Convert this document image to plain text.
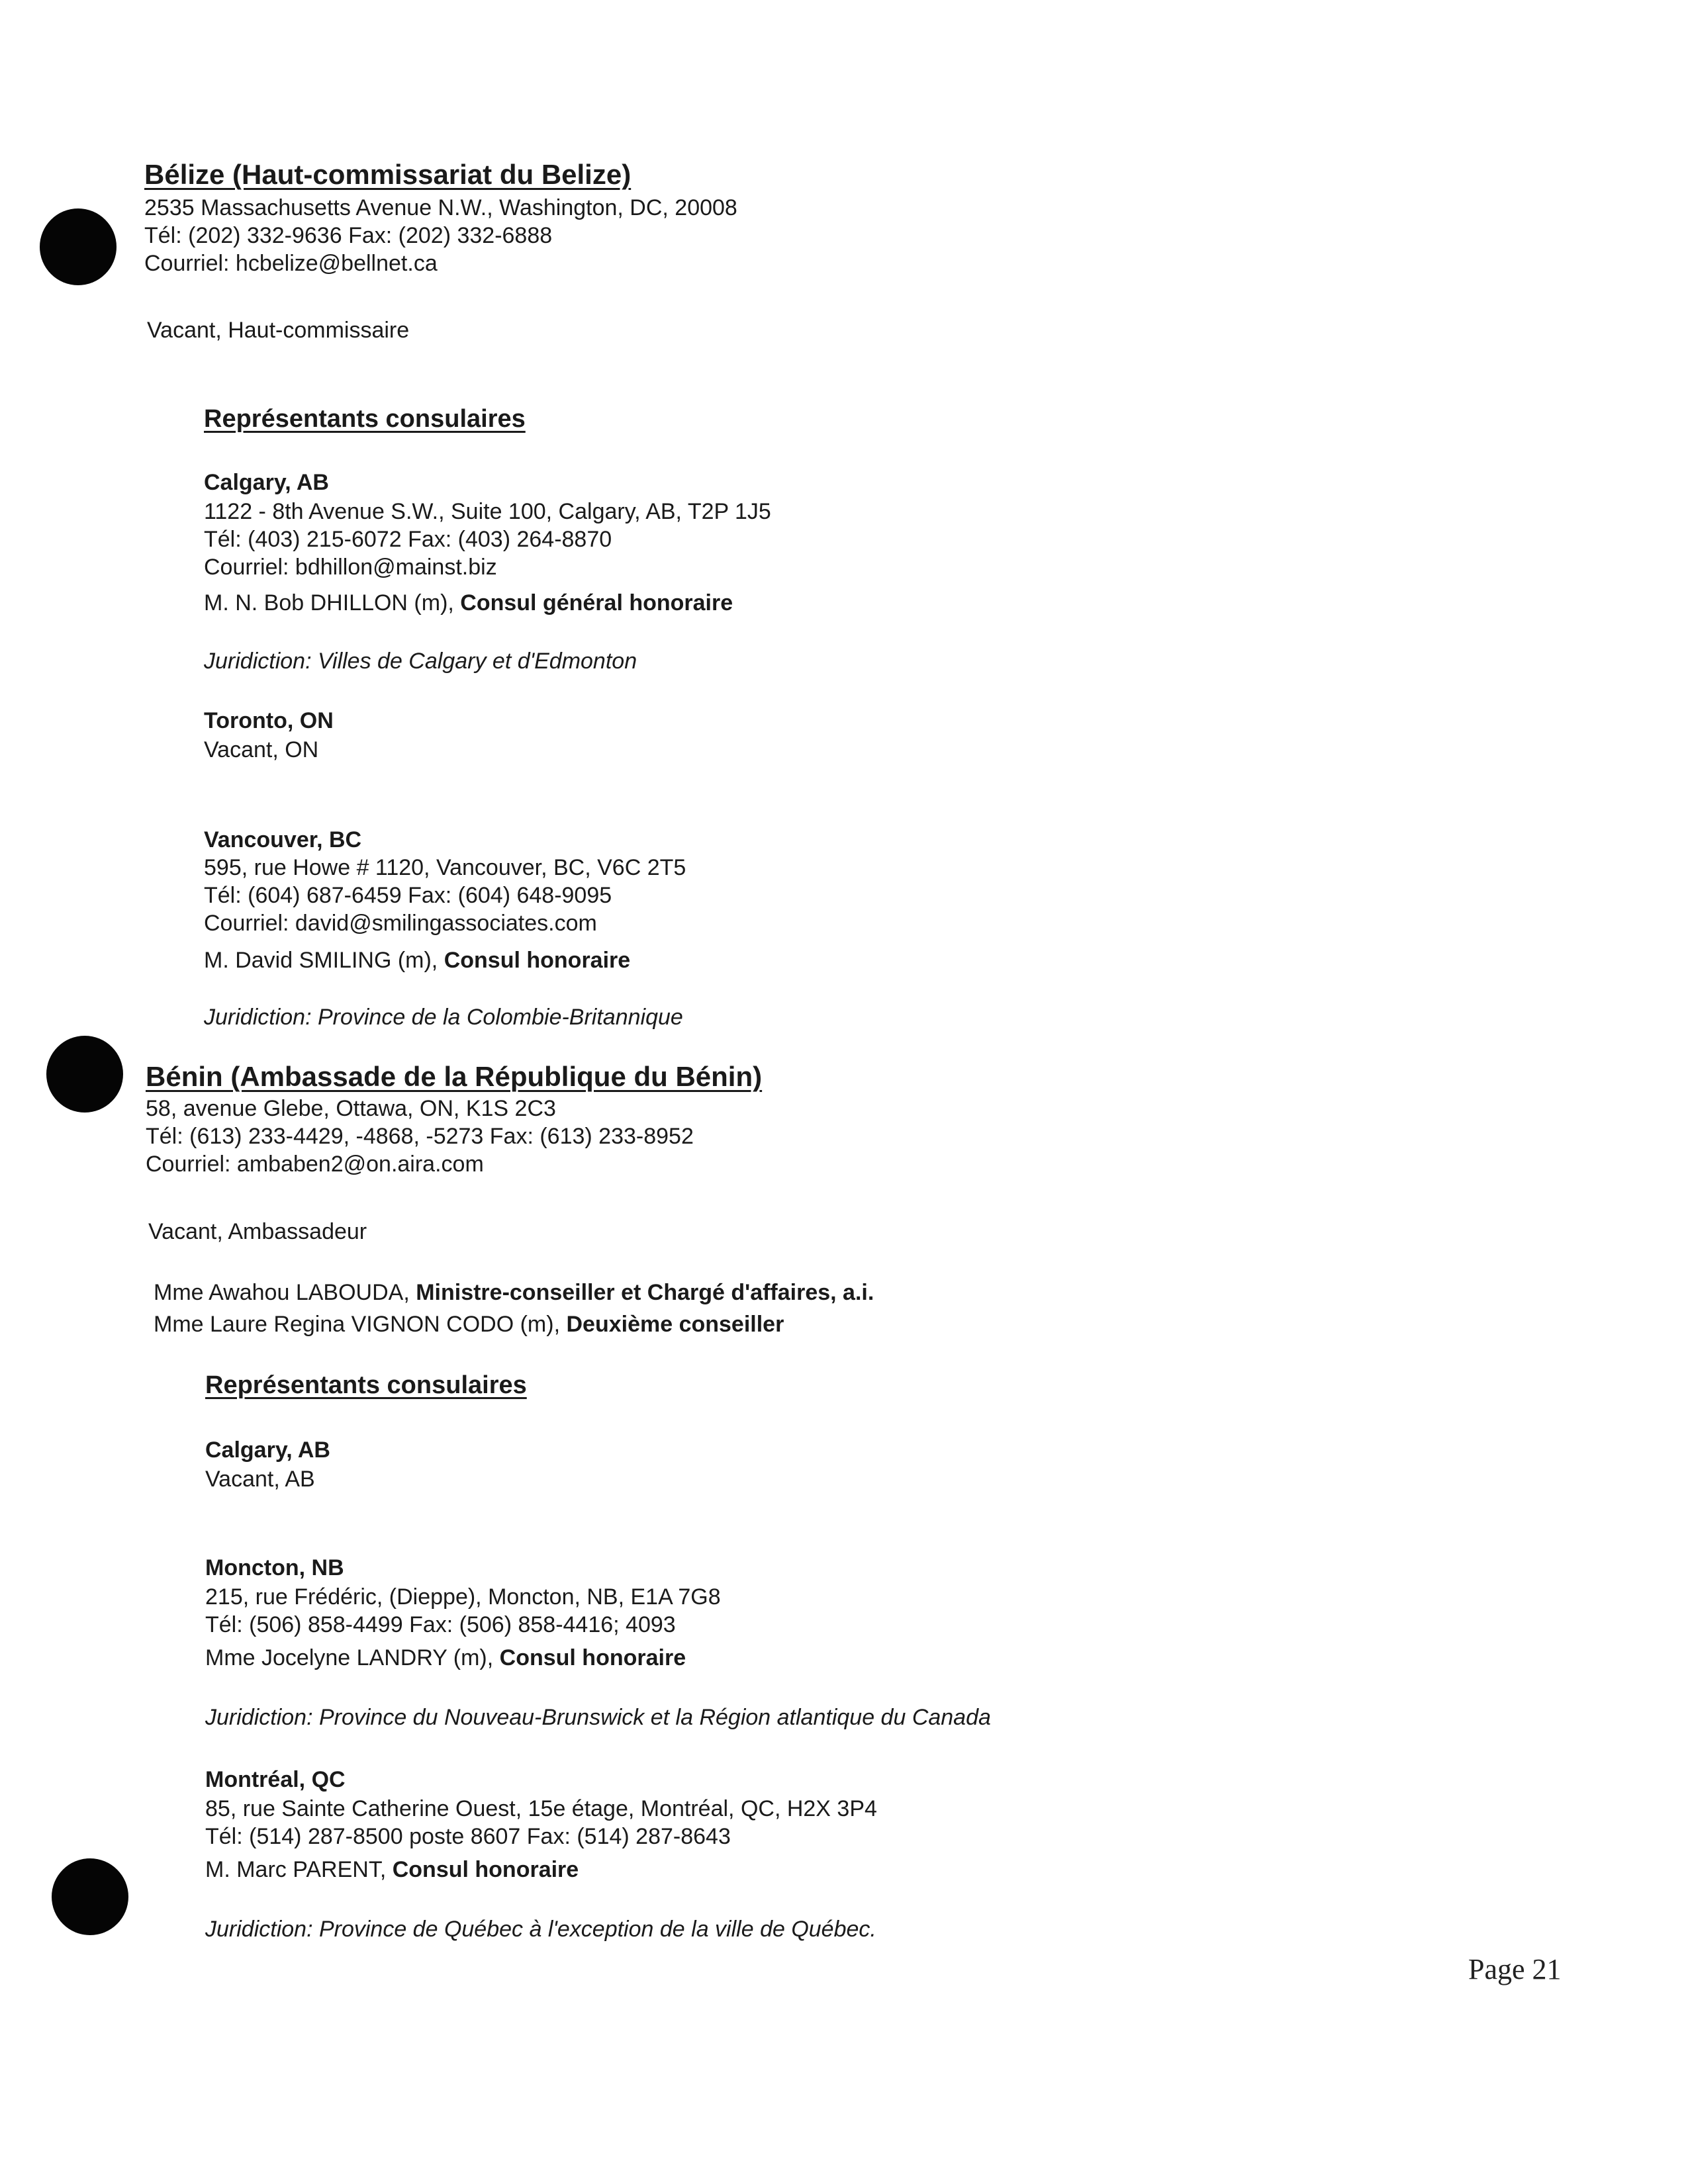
Bélize (Haut-commissariat du Belize)
2535 Massachusetts Avenue N.W., Washington, DC, 20008
Tél: (202) 332-9636 Fax: (202) 332-6888
Courriel: hcbelize@bellnet.ca
Vacant, Haut-commissaire
Représentants consulaires
Calgary, AB
1122 - 8th Avenue S.W., Suite 100, Calgary, AB, T2P 1J5
Tél: (403) 215-6072 Fax: (403) 264-8870
Courriel: bdhillon@mainst.biz
M. N. Bob DHILLON (m), Consul général honoraire
Juridiction: Villes de Calgary et d'Edmonton
Toronto, ON
Vacant, ON
Vancouver, BC
595, rue Howe # 1120, Vancouver, BC, V6C 2T5
Tél: (604) 687-6459 Fax: (604) 648-9095
Courriel: david@smilingassociates.com
M. David SMILING (m), Consul honoraire
Juridiction: Province de la Colombie-Britannique
Bénin (Ambassade de la République du Bénin)
58, avenue Glebe, Ottawa, ON, K1S 2C3
Tél: (613) 233-4429, -4868, -5273 Fax: (613) 233-8952
Courriel: ambaben2@on.aira.com
Vacant, Ambassadeur
Mme Awahou LABOUDA, Ministre-conseiller et Chargé d'affaires, a.i.
Mme Laure Regina VIGNON CODO (m), Deuxième conseiller
Représentants consulaires
Calgary, AB
Vacant, AB
Moncton, NB
215, rue Frédéric, (Dieppe), Moncton, NB, E1A 7G8
Tél: (506) 858-4499 Fax: (506) 858-4416; 4093
Mme Jocelyne LANDRY (m), Consul honoraire
Juridiction: Province du Nouveau-Brunswick et la Région atlantique du Canada
Montréal, QC
85, rue Sainte Catherine Ouest, 15e étage, Montréal, QC, H2X 3P4
Tél: (514) 287-8500 poste 8607 Fax: (514) 287-8643
M. Marc PARENT, Consul honoraire
Juridiction: Province de Québec à l'exception de la ville de Québec.
Page 21
